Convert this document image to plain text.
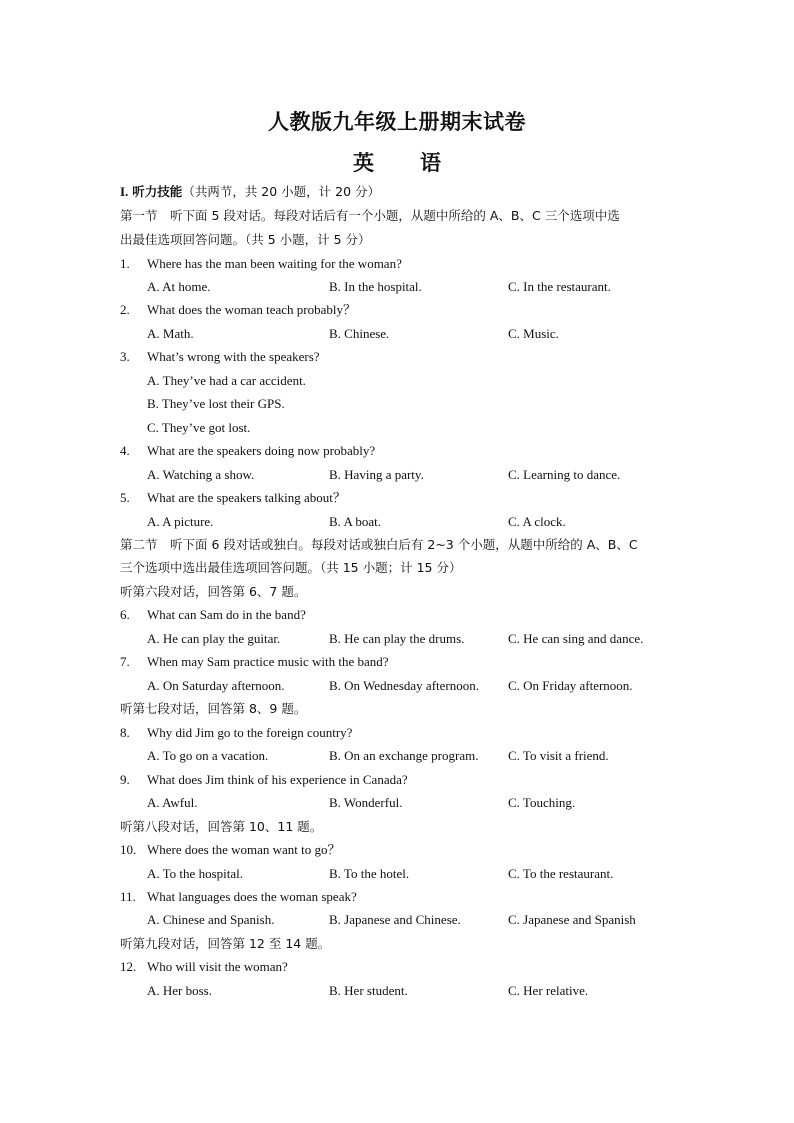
人教版九年级上册期末试卷
英 语
I. 听力技能（共两节，共 20 小题，计 20 分）
第一节　听下面 5 段对话。每段对话后有一个小题，从题中所给的 A、B、C 三个选项中选
出最佳选项回答问题。（共 5 小题，计 5 分）
1. Where has the man been waiting for the woman?
A. At home.	B. In the hospital.	C. In the restaurant.
2. What does the woman teach probably？
A. Math.	B. Chinese.	C. Music.
3. What’s wrong with the speakers?
A. They’ve had a car accident.
B. They’ve lost their GPS.
C. They’ve got lost.
4. What are the speakers doing now probably?
A. Watching a show.	B. Having a party.	C. Learning to dance.
5. What are the speakers talking about？
A. A picture.	B. A boat.	C. A clock.
第二节　听下面 6 段对话或独白。每段对话或独白后有 2~3 个小题，从题中所给的 A、B、C
三个选项中选出最佳选项回答问题。（共 15 小题；计 15 分）
听第六段对话，回答第 6、7 题。
6. What can Sam do in the band?
A. He can play the guitar.	B. He can play the drums.	C. He can sing and dance.
7. When may Sam practice music with the band?
A. On Saturday afternoon.	B. On Wednesday afternoon. C. On Friday afternoon.
听第七段对话，回答第 8、9 题。
8. Why did Jim go to the foreign country?
A. To go on a vacation.	B. On an exchange program. C. To visit a friend.
9. What does Jim think of his experience in Canada?
A. Awful.	B. Wonderful.	C. Touching.
听第八段对话，回答第 10、11 题。
10. Where does the woman want to go？
A. To the hospital.	B. To the hotel.	C. To the restaurant.
11. What languages does the woman speak?
A. Chinese and Spanish.	B. Japanese and Chinese.	C. Japanese and Spanish
听第九段对话，回答第 12 至 14 题。
12. Who will visit the woman?
A. Her boss.	B. Her student.	C. Her relative.
